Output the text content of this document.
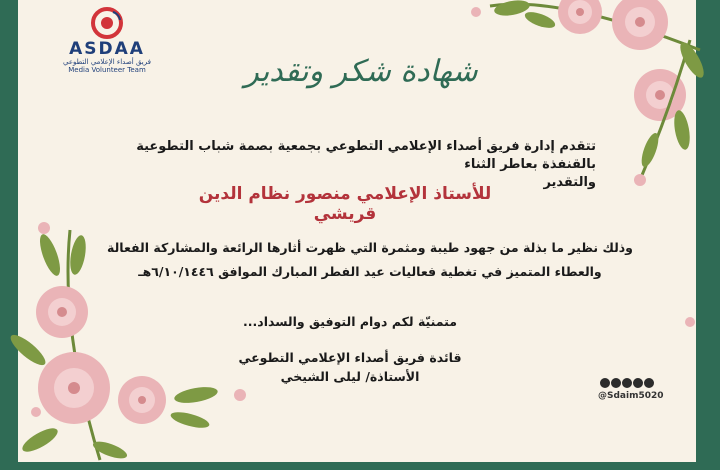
ASDAA
فريق أصداء الإعلامي التطوعي
Media Volunteer Team	شهادة شكر وتقدير
تتقدم إدارة فريق أصداء الإعلامي التطوعي بجمعية بصمة شباب التطوعية بالقنفذة بعاطر الثناء
والتقدير
للأستاذ الإعلامي منصور نظام الدين قريشي
وذلك نظير ما بذلة من جهود طيبة ومثمرة التي ظهرت أثارها الرائعة والمشاركة الفعالة
والعطاء المتميز في تغطية فعاليات عيد الفطر المبارك الموافق ٦/١٠/١٤٤٦هـ
متمنيّة لكم دوام التوفيق والسداد...
قائدة فريق أصداء الإعلامي التطوعي
الأستاذة/ ليلى الشيخي
@Sdaim5020
